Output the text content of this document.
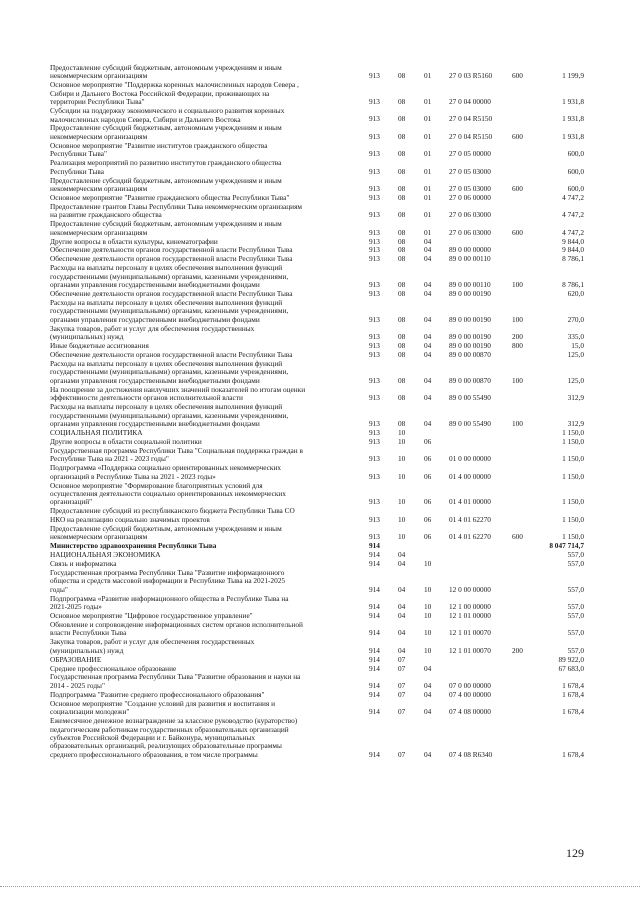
Предоставление субсидий бюджетным, автономным учреждениям и иным
некоммерческим организациям	913 08	01 27 0 03 R5160	600	1 199,9
Основное мероприятие "Поддержка коренных малочисленных народов Севера ,
Сибири и Дальнего Востока Российской Федерации, проживающих на
территории Республики Тыва"	913 08	01 27 0 04 00000	1 931,8
Субсидии на поддержку экономического и социального развития коренных
малочисленных народов Севера, Сибири и Дальнего Востока	913 08	01 27 0 04 R5150	1 931,8
Предоставление субсидий бюджетным, автономным учреждениям и иным
некоммерческим организациям	913 08	01 27 0 04 R5150	600	1 931,8
Основное мероприятие "Развитие институтов гражданского общества
Республики Тыва"	913 08	01 27 0 05 00000	600,0
Реализация мероприятий по развитию институтов гражданского общества
Республики Тыва	913 08	01 27 0 05 03000	600,0
Предоставление субсидий бюджетным, автономным учреждениям и иным
некоммерческим организациям	913 08	01 27 0 05 03000	600	600,0
Основное мероприятие "Развитие гражданского общества Республики Тыва"	913 08	01 27 0 06 00000	4 747,2
Предоставление грантов Главы Республики Тыва некоммерческим организациям
на развитие гражданского общества	913 08	01 27 0 06 03000	4 747,2
Предоставление субсидий бюджетным, автономным учреждениям и иным
некоммерческим организациям	913 08	01 27 0 06 03000	600	4 747,2
Другие вопросы в области культуры, кинематографии	913 08	04	9 844,0
Обеспечение деятельности органов государственной власти Республики Тыва	913 08	04 89 0 00 00000	9 844,0
Обеспечение деятельности органов государственной власти Республики Тыва	913 08	04 89 0 00 00110	8 786,1
Расходы на выплаты персоналу в целях обеспечения выполнения функций
государственными (муниципальными) органами, казенными учреждениями,
органами управления государственными внебюджетными фондами	913 08	04 89 0 00 00110	100	8 786,1
Обеспечение деятельности органов государственной власти Республики Тыва	913 08	04 89 0 00 00190	620,0
Расходы на выплаты персоналу в целях обеспечения выполнения функций
государственными (муниципальными) органами, казенными учреждениями,
органами управления государственными внебюджетными фондами	913 08	04 89 0 00 00190	100	270,0
Закупка товаров, работ и услуг для обеспечения государственных
(муниципальных) нужд	913 08	04 89 0 00 00190	200	335,0
Иные бюджетные ассигнования	913 08	04 89 0 00 00190	800	15,0
Обеспечение деятельности органов государственной власти Республики Тыва	913 08	04 89 0 00 00870	125,0
Расходы на выплаты персоналу в целях обеспечения выполнения функций
государственными (муниципальными) органами, казенными учреждениями,
органами управления государственными внебюджетными фондами	913 08	04 89 0 00 00870	100	125,0
На поощрение за достижения наилучших значений показателей по итогам оценки
эффективности деятельности органов исполнительной власти	913 08	04 89 0 00 55490	312,9
Расходы на выплаты персоналу в целях обеспечения выполнения функций
государственными (муниципальными) органами, казенными учреждениями,
органами управления государственными внебюджетными фондами	913 08	04 89 0 00 55490	100	312,9
СОЦИАЛЬНАЯ ПОЛИТИКА	913 10	1 150,0
Другие вопросы в области социальной политики	913 10	06	1 150,0
Государственная программа Республики Тыва "Социальная поддержка граждан в
Республике Тыва на 2021 - 2023 годы"	913 10	06 01 0 00 00000	1 150,0
Подпрограмма «Поддержка социально ориентированных некоммерческих
организаций в Республике Тыва на 2021 - 2023 годы»	913 10	06 01 4 00 00000	1 150,0
Основное мероприятие "Формирование благоприятных условий для
осуществления деятельности социально ориентированных некоммерческих
организаций"	913 10	06 01 4 01 00000	1 150,0
Предоставление субсидий из республиканского бюджета Республики Тыва СО
НКО на реализацию социально значимых проектов	913 10	06 01 4 01 62270	1 150,0
Предоставление субсидий бюджетным, автономным учреждениям и иным
некоммерческим организациям	913 10	06 01 4 01 62270	600	1 150,0
Министерство здравоохранения Республики Тыва	914	8 047 714,7
НАЦИОНАЛЬНАЯ ЭКОНОМИКА	914 04	557,0
Связь и информатика	914 04	10	557,0
Государственная программа Республики Тыва "Развитие информационного
общества и средств массовой информации в Республике Тыва на 2021-2025
годы"	914 04	10 12 0 00 00000	557,0
Подпрограмма «Развитие информационного общества в Республике Тыва на
2021-2025 годы»	914 04	10 12 1 00 00000	557,0
Основное мероприятие "Цифровое государственное управление"	914 04	10 12 1 01 00000	557,0
Обновление и сопровождение информационных систем органов исполнительной
власти Республики Тыва	914 04	10 12 1 01 00070	557,0
Закупка товаров, работ и услуг для обеспечения государственных
(муниципальных) нужд	914 04	10 12 1 01 00070	200	557,0
ОБРАЗОВАНИЕ	914 07	89 922,0
Среднее профессиональное образование	914 07	04	67 683,0
Государственная программа Республики Тыва "Развитие образования и науки на
2014 - 2025 годы"	914 07	04 07 0 00 00000	1 678,4
Подпрограмма "Развитие среднего профессионального образования"	914 07	04 07 4 00 00000	1 678,4
Основное мероприятие "Создание условий для развития и воспитания и
социализации молодежи"	914 07	04 07 4 08 00000	1 678,4
Ежемесячное денежное вознаграждение за классное руководство (кураторство)
педагогическим работникам государственных образовательных организаций
субъектов Российской Федерации и г. Байконура, муниципальных
образовательных организаций, реализующих образовательные программы
среднего профессионального образования, в том числе программы	914 07	04 07 4 08 R6340	1 678,4
129
